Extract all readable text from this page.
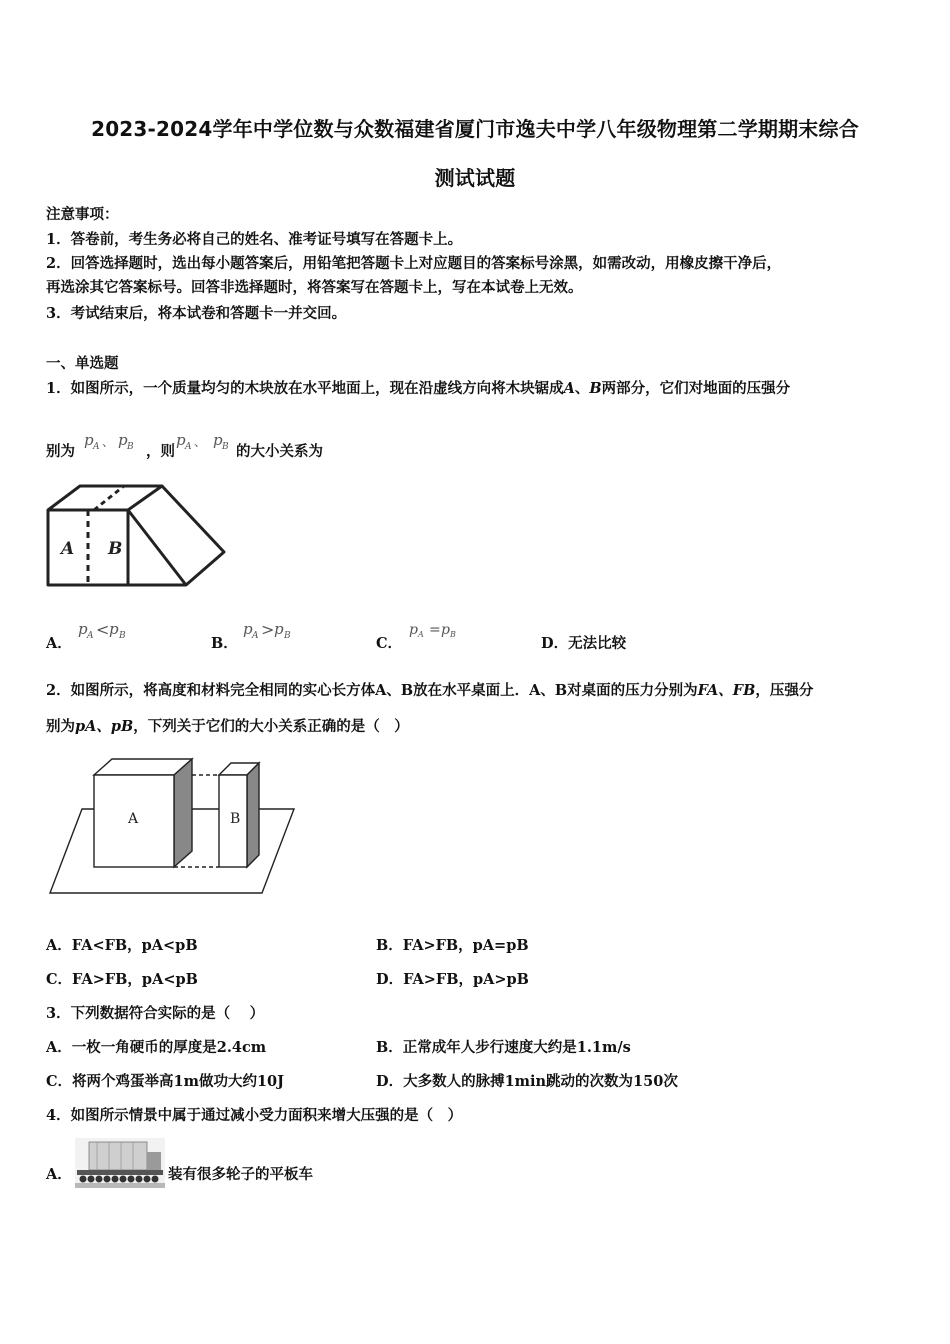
2023-2024学年中学位数与众数福建省厦门市逸夫中学八年级物理第二学期期末综合
测试试题
注意事项：
1．答卷前，考生务必将自己的姓名、准考证号填写在答题卡上。
2．回答选择题时，选出每小题答案后，用铅笔把答题卡上对应题目的答案标号涂黑，如需改动，用橡皮擦干净后，
再选涂其它答案标号。回答非选择题时，将答案写在答题卡上，写在本试卷上无效。
3．考试结束后，将本试卷和答题卡一并交回。
一、单选题
1．如图所示，一个质量均匀的木块放在水平地面上，现在沿虚线方向将木块锯成A、B两部分，它们对地面的压强分
别为
p A 、 p B ，则
p A 、 p B 的大小关系为
A B
A．
p A < p B	B．
p A > p B	C．
p A = p B
D．无法比较
2．如图所示，将高度和材料完全相同的实心长方体A、B放在水平桌面上．A、B对桌面的压力分别为FA、FB，压强分
别为pA、pB，下列关于它们的大小关系正确的是（　）
A	B
A．FA<FB，pA<pB	B．FA>FB，pA=pB
C．FA>FB，pA<pB	D．FA>FB，pA>pB
3．下列数据符合实际的是（　 ）
A．一枚一角硬币的厚度是2.4cm	B．正常成年人步行速度大约是1.1m/s
C．将两个鸡蛋举高1m做功大约10J	D．大多数人的脉搏1min跳动的次数为150次
4．如图所示情景中属于通过减小受力面积来增大压强的是（　）
A．	装有很多轮子的平板车
